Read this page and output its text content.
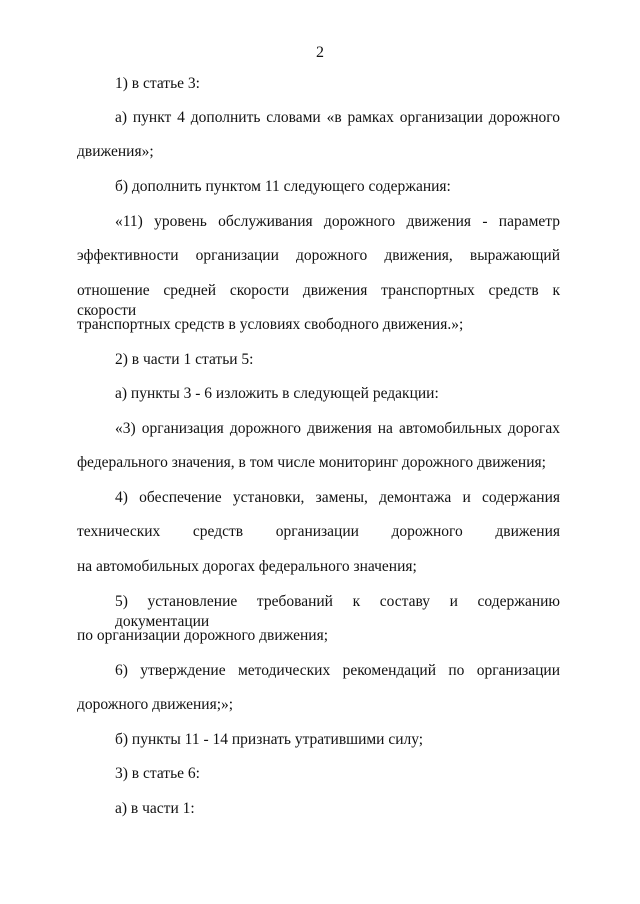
2
1) в статье 3:
а) пункт 4 дополнить словами «в рамках организации дорожного
движения»;
б) дополнить пунктом 11 следующего содержания:
«11) уровень обслуживания дорожного движения - параметр
эффективности организации дорожного движения, выражающий
отношение средней скорости движения транспортных средств к скорости
транспортных средств в условиях свободного движения.»;
2) в части 1 статьи 5:
а) пункты 3 - 6 изложить в следующей редакции:
«3) организация дорожного движения на автомобильных дорогах
федерального значения, в том числе мониторинг дорожного движения;
4) обеспечение установки, замены, демонтажа и содержания
технических средств организации дорожного движения
на автомобильных дорогах федерального значения;
5) установление требований к составу и содержанию документации
по организации дорожного движения;
6) утверждение методических рекомендаций по организации
дорожного движения;»;
б) пункты 11 - 14 признать утратившими силу;
3) в статье 6:
а) в части 1:
